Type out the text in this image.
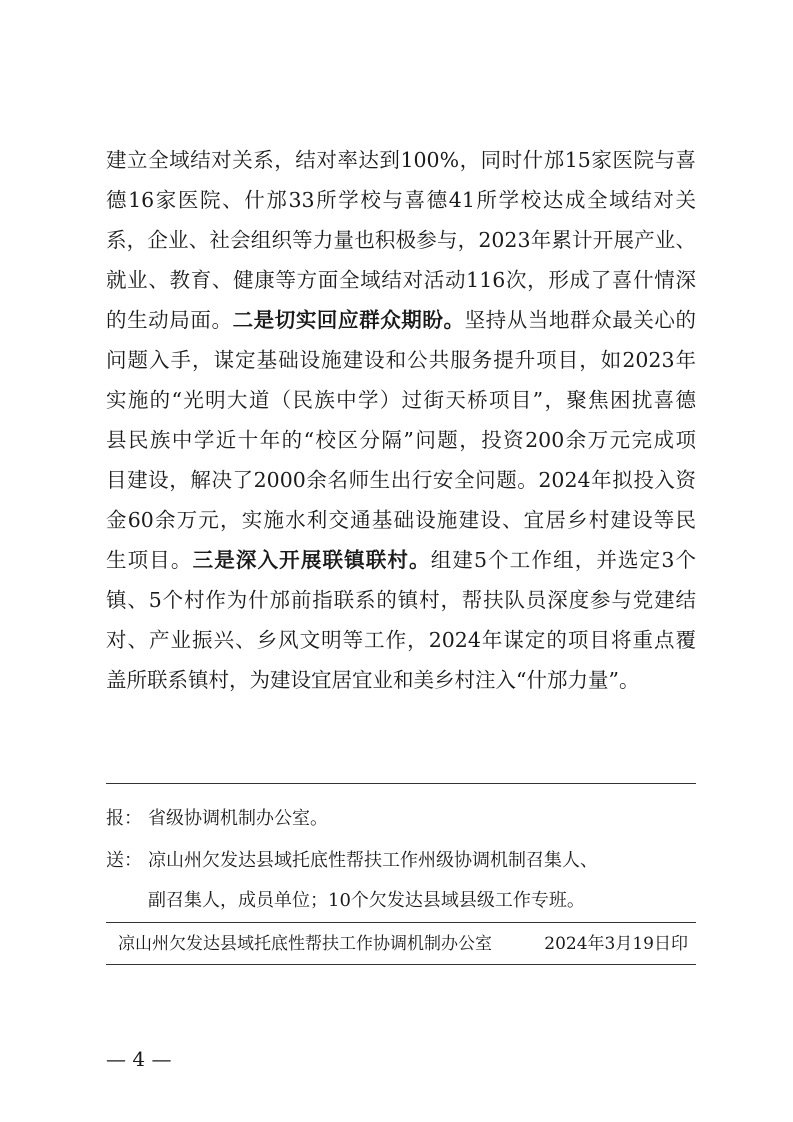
建立全域结对关系，结对率达到100%，同时什邡15家医院与喜
德16家医院、什邡33所学校与喜德41所学校达成全域结对关
系，企业、社会组织等力量也积极参与，2023年累计开展产业、
就业、教育、健康等方面全域结对活动116次，形成了喜什情深
的生动局面。二是切实回应群众期盼。坚持从当地群众最关心的
问题入手，谋定基础设施建设和公共服务提升项目，如2023年
实施的“光明大道（民族中学）过街天桥项目”，聚焦困扰喜德
县民族中学近十年的“校区分隔”问题，投资200余万元完成项
目建设，解决了2000余名师生出行安全问题。2024年拟投入资
金60余万元，实施水利交通基础设施建设、宜居乡村建设等民
生项目。三是深入开展联镇联村。组建5个工作组，并选定3个
镇、5个村作为什邡前指联系的镇村，帮扶队员深度参与党建结
对、产业振兴、乡风文明等工作，2024年谋定的项目将重点覆
盖所联系镇村，为建设宜居宜业和美乡村注入“什邡力量”。
报： 省级协调机制办公室。
送： 凉山州欠发达县域托底性帮扶工作州级协调机制召集人、
副召集人，成员单位；10个欠发达县域县级工作专班。
凉山州欠发达县域托底性帮扶工作协调机制办公室	2024年3月19日印
— 4 —
